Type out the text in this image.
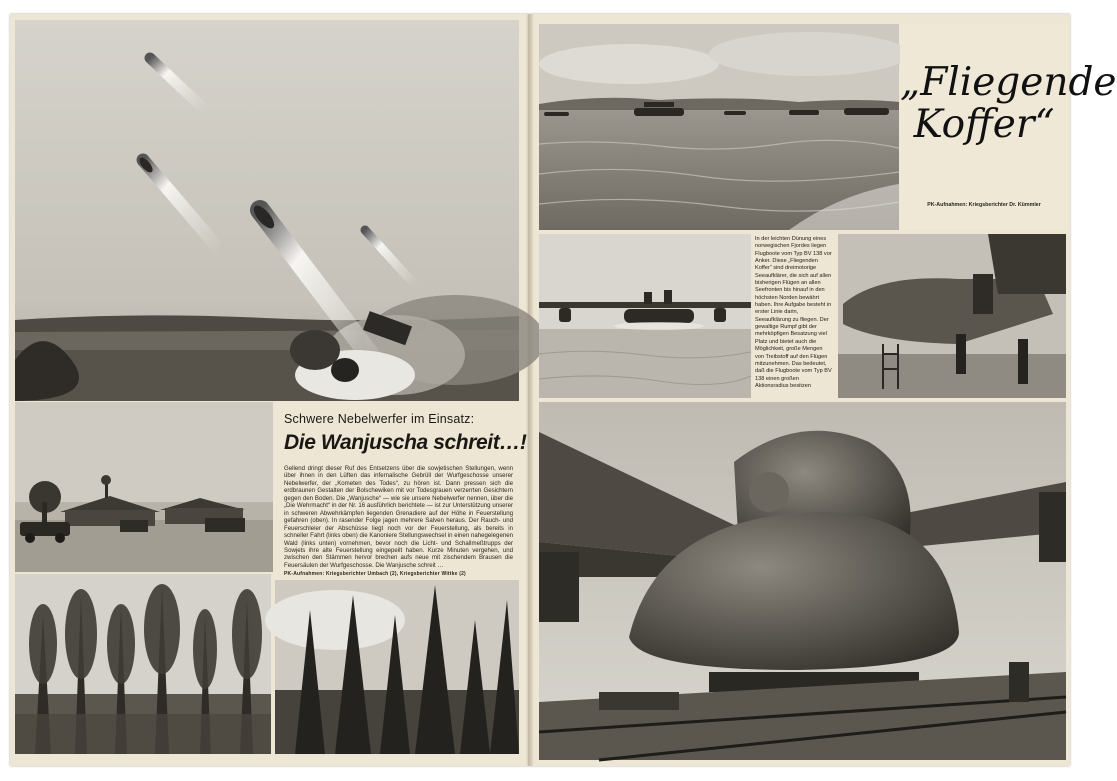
Schwere Nebelwerfer im Einsatz:
Die Wanjuscha schreit…!
Gellend dringt dieser Ruf des Entsetzens über die sowjetischen Stellungen, wenn über ihnen in den Lüften das infernalische Gebrüll der Wurfgeschosse unserer Nebelwerfer, der „Kometen des Todes“, zu hören ist. Dann pressen sich die erdbraunen Gestalten der Bolschewiken mit vor Todesgrauen verzerrten Gesichtern gegen den Boden. Die „Wanjusche“ — wie sie unsere Nebelwerfer nennen, über die „Die Wehrmacht“ in der Nr. 16 ausführlich berichtete — ist zur Unterstützung unserer in schweren Abwehrkämpfen liegenden Grenadiere auf der Höhe in Feuerstellung gefahren (oben). In rasender Folge jagen mehrere Salven heraus. Der Rauch- und Feuerschleier der Abschüsse liegt noch vor der Feuerstellung, als bereits in schneller Fahrt (links oben) die Kanoniere Stellungswechsel in einen nahegelegenen Wald (links unten) vornehmen, bevor noch die Licht- und Schallmeßtrupps der Sowjets ihre alte Feuerstellung eingepeilt haben. Kurze Minuten vergehen, und zwischen den Stämmen hervor brechen aufs neue mit zischendem Brausen die Feuersäulen der Wurfgeschosse. Die Wanjusche schreit …
PK-Aufnahmen: Kriegsberichter Umbach (2), Kriegsberichter Wittke (2)
„Fliegende Koffer“
PK-Aufnahmen: Kriegsberichter Dr. Kümmler
In der leichten Dünung eines norwegischen Fjordes liegen Flugboote vom Typ BV 138 vor Anker. Diese „Fliegenden Koffer“ sind dreimotorige Seeaufklärer, die sich auf allen bisherigen Flügen an allen Seefronten bis hinauf in den höchsten Norden bewährt haben. Ihre Aufgabe besteht in erster Linie darin, Seeaufklärung zu fliegen. Der gewaltige Rumpf gibt der mehrköpfigen Besatzung viel Platz und bietet auch die Möglichkeit, große Mengen von Treibstoff auf den Flügen mitzunehmen. Das bedeutet, daß die Flugboote vom Typ BV 138 einen großen Aktionsradius besitzen
